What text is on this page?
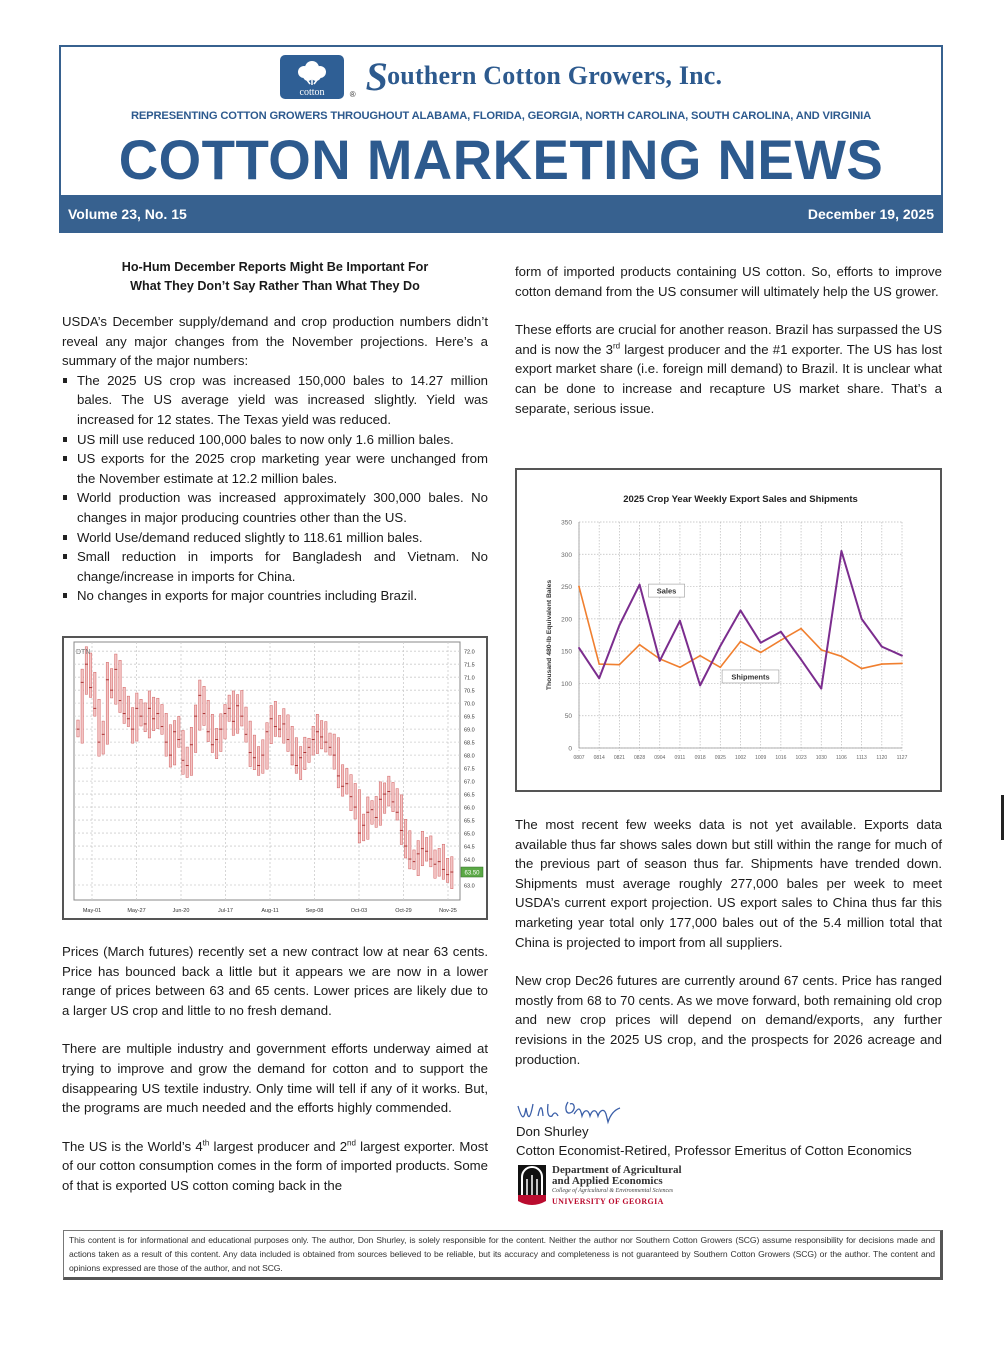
cotton	® Southern Cotton Growers, Inc.
REPRESENTING COTTON GROWERS THROUGHOUT ALABAMA, FLORIDA, GEORGIA, NORTH CAROLINA, SOUTH CAROLINA, AND VIRGINIA
COTTON MARKETING NEWS
Volume 23, No. 15	December 19, 2025

Ho-Hum December Reports Might Be Important For
What They Don’t Say Rather Than What They Do

USDA’s December supply/demand and crop production numbers didn’t reveal any major changes from the November projections. Here’s a summary of the major numbers:

The 2025 US crop was increased 150,000 bales to 14.27 million bales. The US average yield was increased slightly. Yield was increased for 12 states. The Texas yield was reduced.
US mill use reduced 100,000 bales to now only 1.6 million bales.
US exports for the 2025 crop marketing year were unchanged from the November estimate at 12.2 million bales.
World production was increased approximately 300,000 bales. No changes in major producing countries other than the US.
World Use/demand reduced slightly to 118.61 million bales.
Small reduction in imports for Bangladesh and Vietnam. No change/increase in imports for China.
No changes in exports for major countries including Brazil.
72.0
71.5
71.0
70.5
70.0
69.5
69.0
68.5
68.0
67.5
67.0
66.5
66.0
65.5
65.0
64.5
64.0
63.0
May-01	May-27	Jun-20	Jul-17	Aug-11	Sep-08	Oct-03	Oct-29	Nov-25
DTN
63.50

Prices (March futures) recently set a new contract low at near 63 cents. Price has bounced back a little but it appears we are now in a lower range of prices between 63 and 65 cents. Lower prices are likely due to a larger US crop and little to no fresh demand.

There are multiple industry and government efforts underway aimed at trying to improve and grow the demand for cotton and to support the disappearing US textile industry. Only time will tell if any of it works. But, the programs are much needed and the efforts highly commended.

The US is the World’s 4th largest producer and 2nd largest exporter. Most of our cotton consumption comes in the form of imported products. Some of that is exported US cotton coming back in the

form of imported products containing US cotton. So, efforts to improve cotton demand from the US consumer will ultimately help the US grower.

These efforts are crucial for another reason. Brazil has surpassed the US and is now the 3rd largest producer and the #1 exporter. The US has lost export market share (i.e. foreign mill demand) to Brazil. It is unclear what can be done to increase and recapture US market share. That’s a separate, serious issue.

2025 Crop Year Weekly Export Sales and Shipments
0
50
100
150
200
250
300
350
0807 0814 0821 0828 0904 0911 0918 0925 1002 1009 1016 1023 1030 1106 1113 1120 1127
Thousand 480-lb Equivalent Bales	Sales
Shipments

The most recent few weeks data is not yet available. Exports data available thus far shows sales down but still within the range for much of the previous part of season thus far. Shipments have trended down. Shipments must average roughly 277,000 bales per week to meet USDA’s current export projection. US export sales to China thus far this marketing year total only 177,000 bales out of the 5.4 million total that China is projected to import from all suppliers.

New crop Dec26 futures are currently around 67 cents. Price has ranged mostly from 68 to 70 cents. As we move forward, both remaining old crop and new crop prices will depend on demand/exports, any further revisions in the 2025 US crop, and the prospects for 2026 acreage and production.

Don Shurley
Cotton Economist-Retired, Professor Emeritus of Cotton Economics
Department of Agricultural
and Applied Economics
College of Agricultural & Environmental Sciences
UNIVERSITY OF GEORGIA
This content is for informational and educational purposes only. The author, Don Shurley, is solely responsible for the content. Neither the author nor Southern Cotton Growers (SCG) assume responsibility for decisions made and actions taken as a result of this content. Any data included is obtained from sources believed to be reliable, but its accuracy and completeness is not guaranteed by Southern Cotton Growers (SCG) or the author. The content and opinions expressed are those of the author, and not SCG.
